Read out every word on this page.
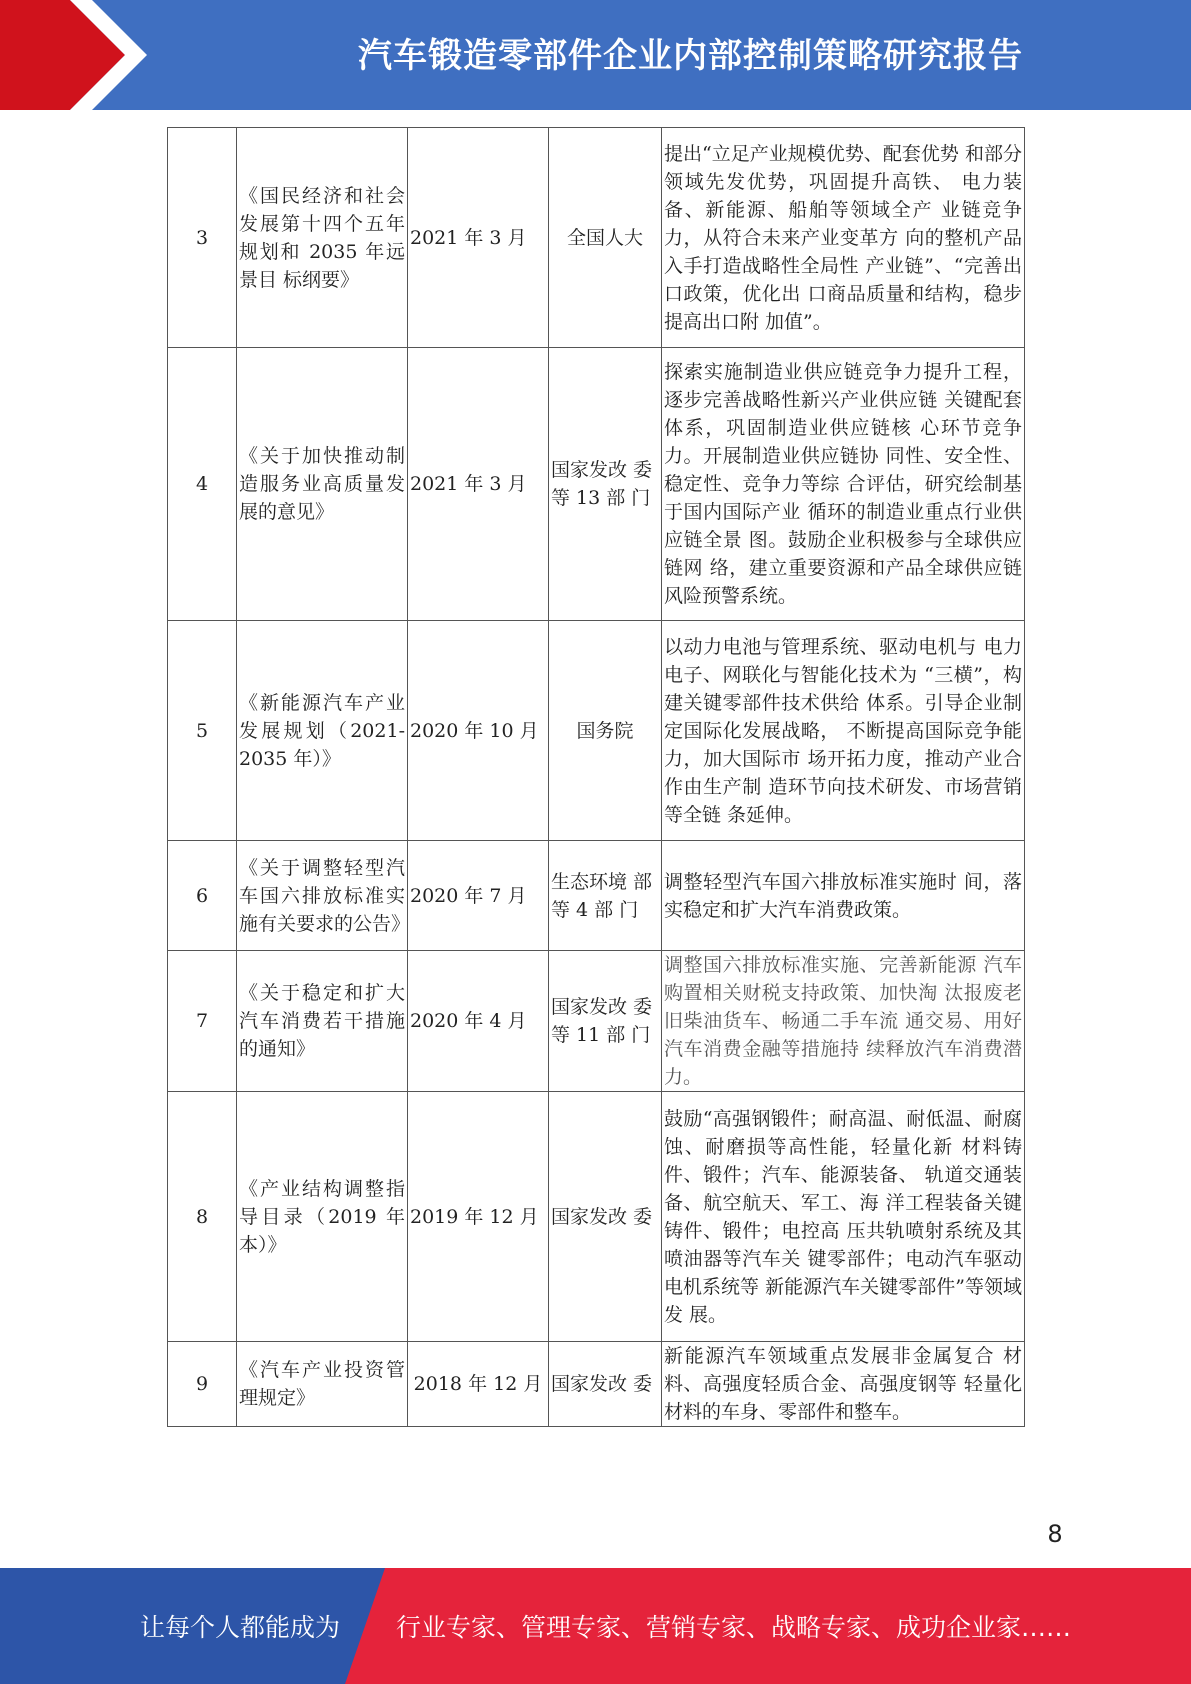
汽车锻造零部件企业内部控制策略研究报告
3	《国民经济和社会发展第十四个五年规划和 2035 年远景目 标纲要》	2021 年 3 月	全国人大	提出“立足产业规模优势、配套优势 和部分领域先发优势，巩固提升高铁、 电力装备、新能源、船舶等领域全产 业链竞争力，从符合未来产业变革方 向的整机产品入手打造战略性全局性 产业链”、“完善出口政策，优化出 口商品质量和结构，稳步提高出口附 加值”。
4	《关于加快推动制造服务业高质量发展的意见》	2021 年 3 月	国家发改 委等 13 部 门	探索实施制造业供应链竞争力提升工程，逐步完善战略性新兴产业供应链 关键配套体系，巩固制造业供应链核 心环节竞争力。开展制造业供应链协 同性、安全性、稳定性、竞争力等综 合评估，研究绘制基于国内国际产业 循环的制造业重点行业供应链全景 图。鼓励企业积极参与全球供应链网 络，建立重要资源和产品全球供应链 风险预警系统。
5	《新能源汽车产业发展规划（2021-2035 年）》	2020 年 10 月	国务院	以动力电池与管理系统、驱动电机与 电力电子、网联化与智能化技术为 “三横”，构建关键零部件技术供给 体系。引导企业制定国际化发展战略， 不断提高国际竞争能力，加大国际市 场开拓力度，推动产业合作由生产制 造环节向技术研发、市场营销等全链 条延伸。
6	《关于调整轻型汽车国六排放标准实施有关要求的公告》	2020 年 7 月	生态环境 部等 4 部 门	调整轻型汽车国六排放标准实施时 间，落实稳定和扩大汽车消费政策。
7	《关于稳定和扩大汽车消费若干措施的通知》	2020 年 4 月	国家发改 委等 11 部 门	调整国六排放标准实施、完善新能源 汽车购置相关财税支持政策、加快淘 汰报废老旧柴油货车、畅通二手车流 通交易、用好汽车消费金融等措施持 续释放汽车消费潜力。
8	《产业结构调整指导目录（2019 年本）》	2019 年 12 月	国家发改 委	鼓励“高强钢锻件；耐高温、耐低温、耐腐蚀、耐磨损等高性能，轻量化新 材料铸件、锻件；汽车、能源装备、 轨道交通装备、航空航天、军工、海 洋工程装备关键铸件、锻件；电控高 压共轨喷射系统及其喷油器等汽车关 键零部件；电动汽车驱动电机系统等 新能源汽车关键零部件”等领域发 展。
9	《汽车产业投资管理规定》	2018 年 12 月	国家发改 委	新能源汽车领域重点发展非金属复合 材料、高强度轻质合金、高强度钢等 轻量化材料的车身、零部件和整车。
8
让每个人都能成为 行业专家、管理专家、营销专家、战略专家、成功企业家……
